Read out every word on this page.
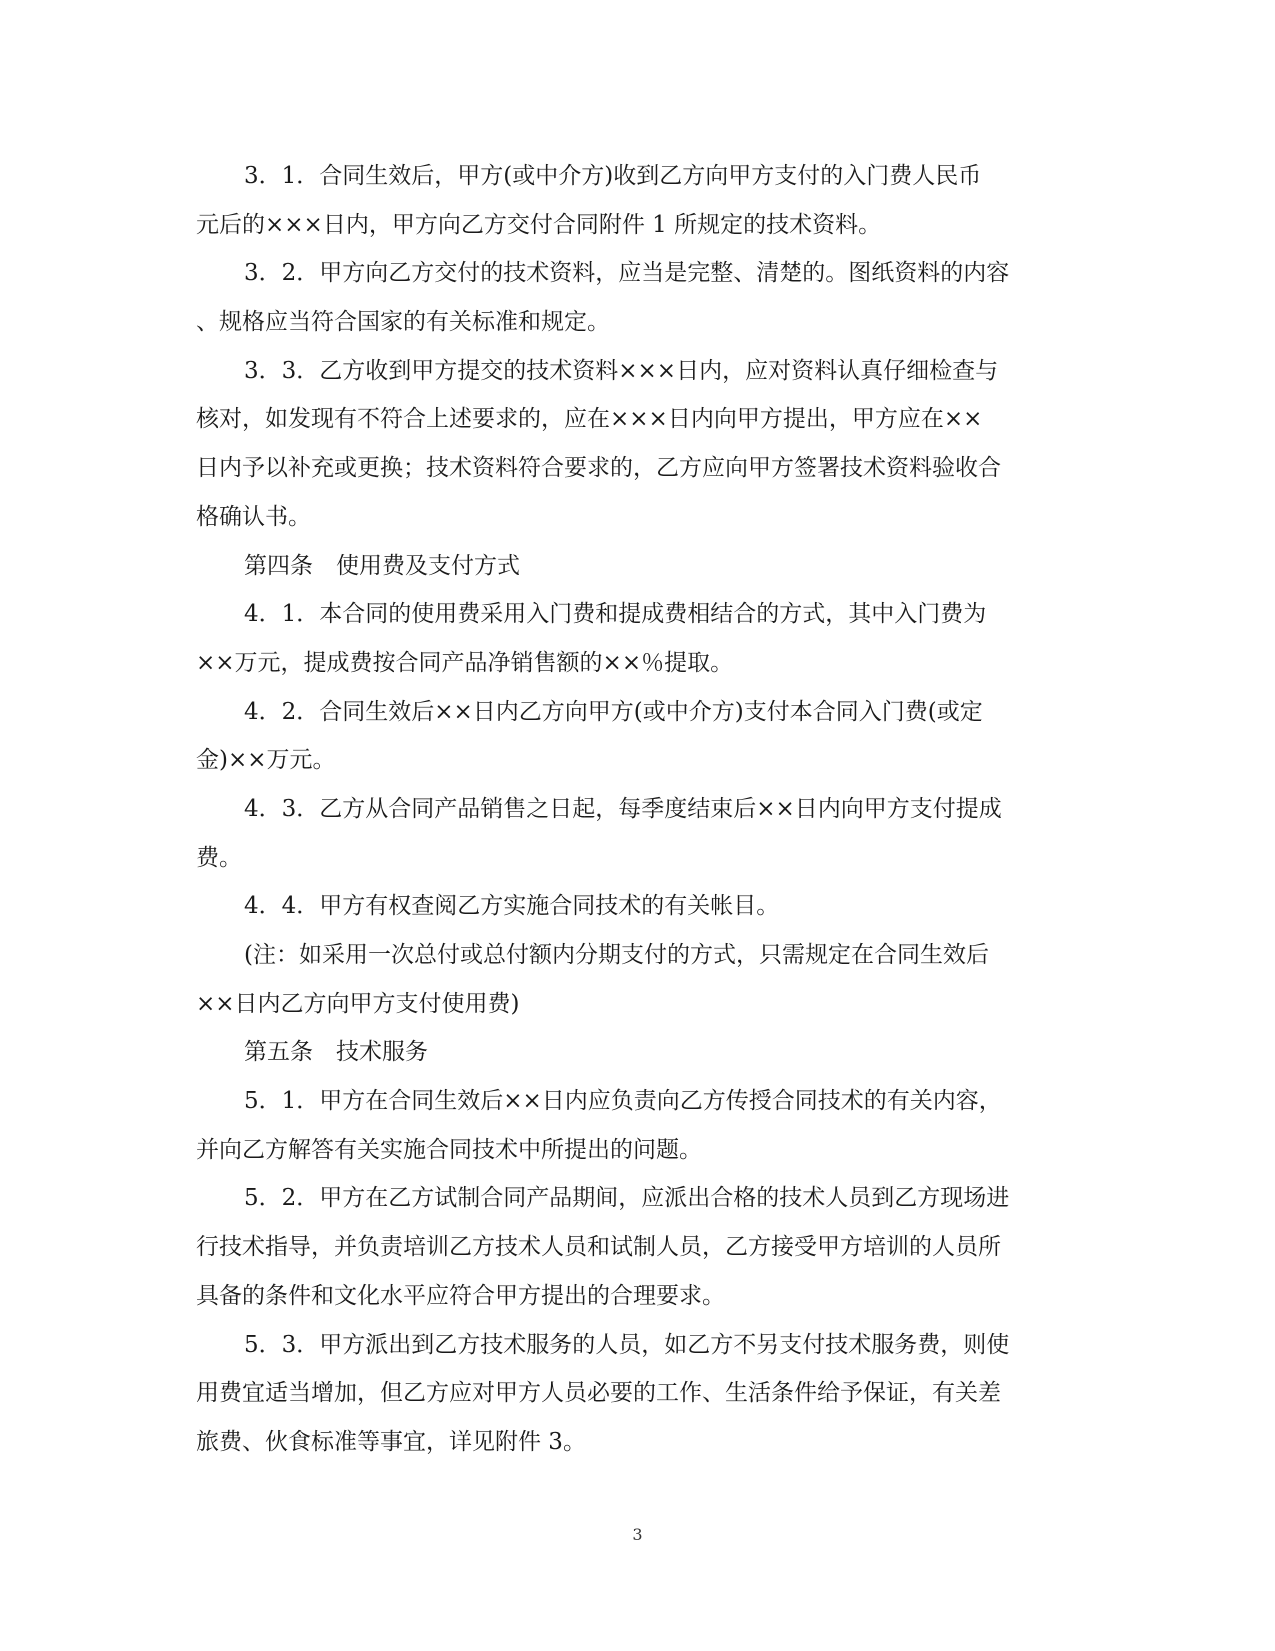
3．1．合同生效后，甲方(或中介方)收到乙方向甲方支付的入门费人民币
元后的×××日内，甲方向乙方交付合同附件 1 所规定的技术资料。
3．2．甲方向乙方交付的技术资料，应当是完整、清楚的。图纸资料的内容
、规格应当符合国家的有关标准和规定。
3．3．乙方收到甲方提交的技术资料×××日内，应对资料认真仔细检查与
核对，如发现有不符合上述要求的，应在×××日内向甲方提出，甲方应在××
日内予以补充或更换；技术资料符合要求的，乙方应向甲方签署技术资料验收合
格确认书。
第四条　使用费及支付方式
4．1．本合同的使用费采用入门费和提成费相结合的方式，其中入门费为
××万元，提成费按合同产品净销售额的××％提取。
4．2．合同生效后××日内乙方向甲方(或中介方)支付本合同入门费(或定
金)××万元。
4．3．乙方从合同产品销售之日起，每季度结束后××日内向甲方支付提成
费。
4．4．甲方有权查阅乙方实施合同技术的有关帐目。
(注：如采用一次总付或总付额内分期支付的方式，只需规定在合同生效后
××日内乙方向甲方支付使用费)
第五条　技术服务
5．1．甲方在合同生效后××日内应负责向乙方传授合同技术的有关内容，
并向乙方解答有关实施合同技术中所提出的问题。
5．2．甲方在乙方试制合同产品期间，应派出合格的技术人员到乙方现场进
行技术指导，并负责培训乙方技术人员和试制人员，乙方接受甲方培训的人员所
具备的条件和文化水平应符合甲方提出的合理要求。
5．3．甲方派出到乙方技术服务的人员，如乙方不另支付技术服务费，则使
用费宜适当增加，但乙方应对甲方人员必要的工作、生活条件给予保证，有关差
旅费、伙食标准等事宜，详见附件 3。
3
